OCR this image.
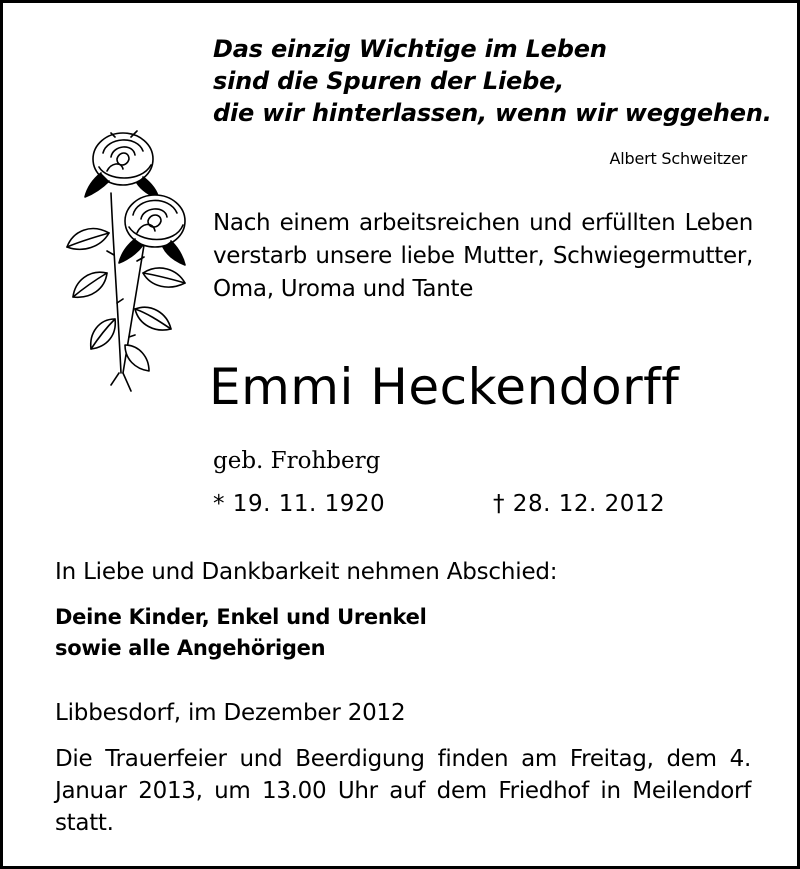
Das einzig Wichtige im Leben
sind die Spuren der Liebe,
die wir hinterlassen, wenn wir weggehen.
Albert Schweitzer
Nach einem arbeitsreichen und erfüllten Leben verstarb unsere liebe Mutter, Schwiegermutter, Oma, Uroma und Tante
Emmi Heckendorff
geb. Frohberg
* 19. 11. 1920	† 28. 12. 2012
In Liebe und Dankbarkeit nehmen Abschied:
Deine Kinder, Enkel und Urenkel
sowie alle Angehörigen
Libbesdorf, im Dezember 2012
Die Trauerfeier und Beerdigung finden am Freitag, dem 4. Januar 2013, um 13.00 Uhr auf dem Friedhof in Meilendorf statt.
